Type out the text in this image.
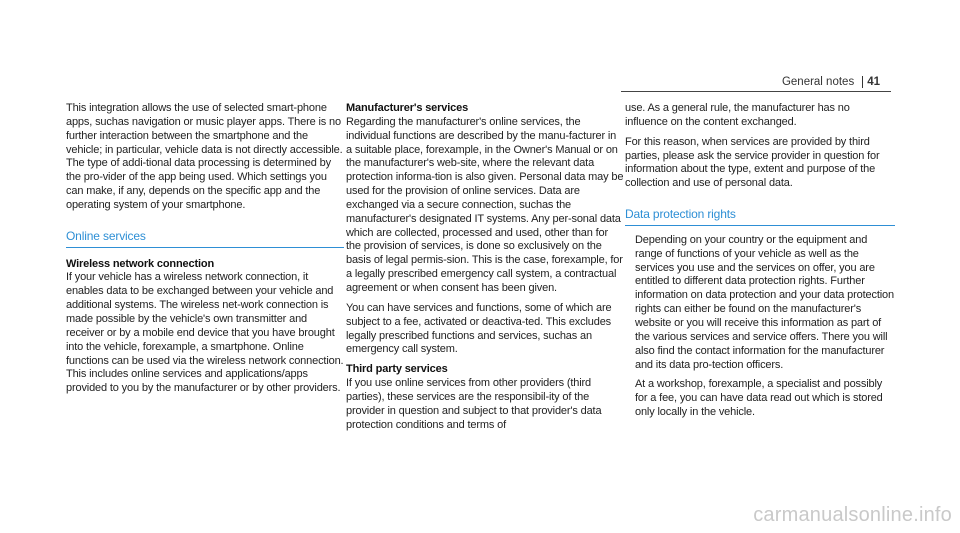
General notes	41

This integration allows the use of selected smart-phone apps, suchas navigation or music player apps. There is no further interaction between the smartphone and the vehicle; in particular, vehicle data is not directly accessible. The type of addi-tional data processing is determined by the pro-vider of the app being used. Which settings you can make, if any, depends on the specific app and the operating system of your smartphone.

Online services

Wireless network connection

If your vehicle has a wireless network connection, it enables data to be exchanged between your vehicle and additional systems. The wireless net-work connection is made possible by the vehicle's own transmitter and receiver or by a mobile end device that you have brought into the vehicle, forexample, a smartphone. Online functions can be used via the wireless network connection. This includes online services and applications/apps provided to you by the manufacturer or by other providers.

Manufacturer's services

Regarding the manufacturer's online services, the individual functions are described by the manu-facturer in a suitable place, forexample, in the Owner's Manual or on the manufacturer's web-site, where the relevant data protection informa-tion is also given. Personal data may be used for the provision of online services. Data are exchanged via a secure connection, suchas the manufacturer's designated IT systems. Any per-sonal data which are collected, processed and used, other than for the provision of services, is done so exclusively on the basis of legal permis-sion. This is the case, forexample, for a legally prescribed emergency call system, a contractual agreement or when consent has been given.

You can have services and functions, some of which are subject to a fee, activated or deactiva-ted. This excludes legally prescribed functions and services, suchas an emergency call system.

Third party services

If you use online services from other providers (third parties), these services are the responsibil-ity of the provider in question and subject to that provider's data protection conditions and terms of

use. As a general rule, the manufacturer has no influence on the content exchanged.

For this reason, when services are provided by third parties, please ask the service provider in question for information about the type, extent and purpose of the collection and use of personal data.

Data protection rights

Depending on your country or the equipment and range of functions of your vehicle as well as the services you use and the services on offer, you are entitled to different data protection rights. Further information on data protection and your data protection rights can either be found on the manufacturer's website or you will receive this information as part of the various services and service offers. There you will also find the contact information for the manufacturer and its data pro-tection officers.

At a workshop, forexample, a specialist and possibly for a fee, you can have data read out which is stored only locally in the vehicle.

carmanualsonline.info
